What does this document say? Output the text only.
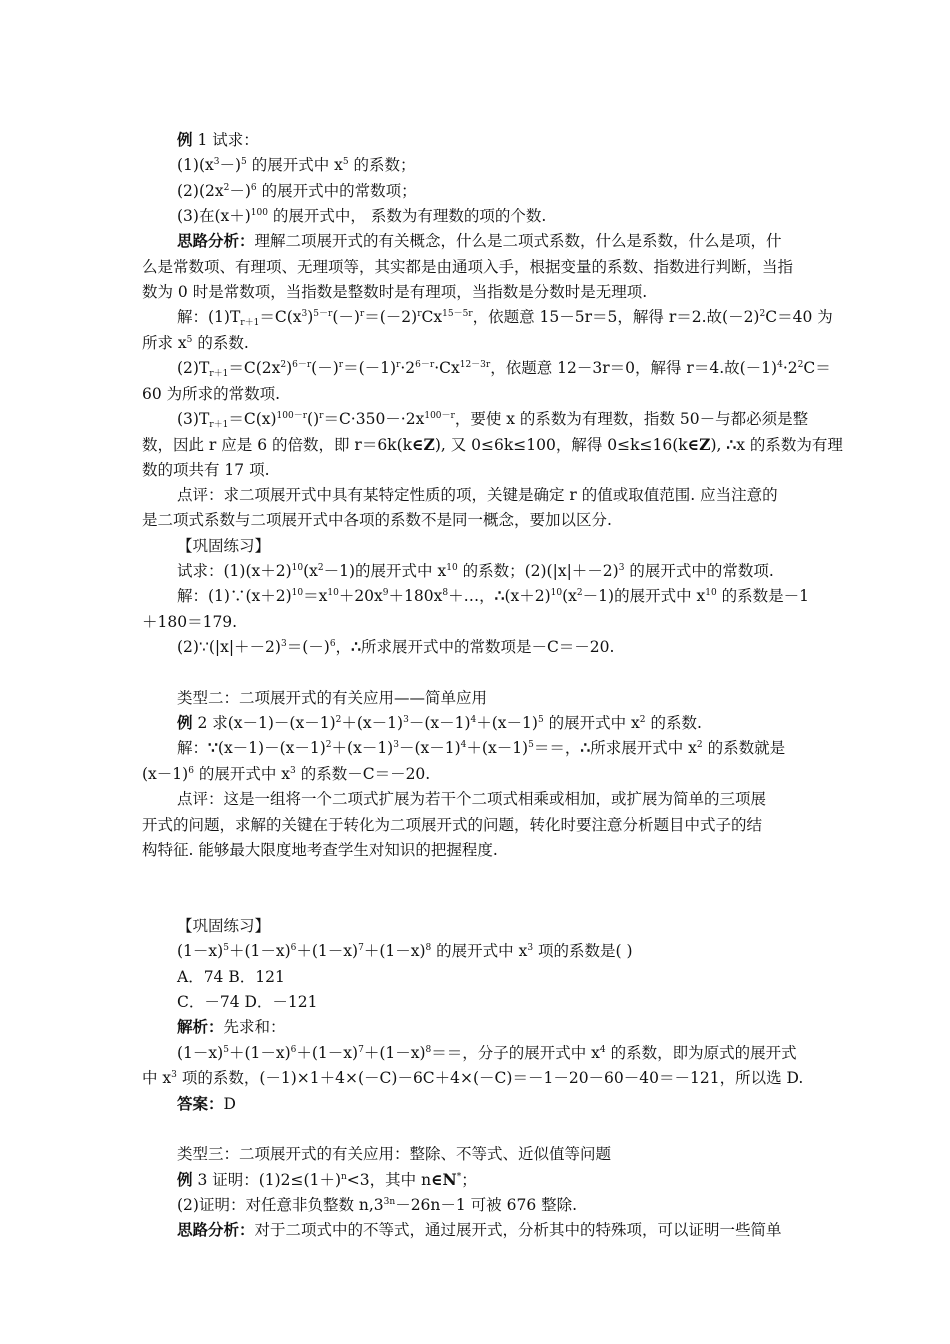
例 1 试求：

$(1)(x^3-)^5$ 的展开式中 $x^5$ 的系数；

$(2)(2x^2-)^6$ 的展开式中的常数项；

(3)在$(x+)^{100}$ 的展开式中， 系数为有理数的项的个数.

思路分析：理解二项展开式的有关概念，什么是二项式系数，什么是系数，什么是项，什

么是常数项、有理项、无理项等，其实都是由通项入手，根据变量的系数、指数进行判断，当指

数为 0 时是常数项，当指数是整数时是有理项，当指数是分数时是无理项.

解：$(1)T_{r+1}=C(x^3)^{5-r}(-)^r=(-2)^rCx^{15-5r}$，依题意 15－5r＝5，解得 r＝2.故$(-2)^2C=40$ 为

所求 $x^5$ 的系数.

$(2)T_{r+1}=C(2x^2)^{6-r}(-)^r=(-1)^r\cdot 2^{6-r}\cdot Cx^{12-3r}$，依题意 12－3r＝0，解得 r＝4.故$(-1)^4\cdot 2^2C=$

60 为所求的常数项.

$(3)T_{r+1}=C(x)^{100-r}()^r=C\cdot 350-\cdot 2x^{100-r}$，要使 x 的系数为有理数，指数 50－与都必须是整

数，因此 r 应是 6 的倍数，即 r＝6k(k∈Z), 又 0≤6k≤100，解得 0≤k≤16(k∈Z), ∴x 的系数为有理

数的项共有 17 项.

点评：求二项展开式中具有某特定性质的项，关键是确定 r 的值或取值范围. 应当注意的

是二项式系数与二项展开式中各项的系数不是同一概念，要加以区分.

【巩固练习】

试求：$(1)(x+2)^{10}(x^2-1)$的展开式中 $x^{10}$ 的系数；$(2)(|x|+-2)^3$ 的展开式中的常数项.

解：$(1)\because(x+2)^{10}=x^{10}+20x^9+180x^8+\dots$，$\therefore(x+2)^{10}(x^2-1)$的展开式中 $x^{10}$ 的系数是－1

＋180＝179.

$(2)\because(|x|+-2)^3=(-)^6$，∴所求展开式中的常数项是－C＝－20.

类型二：二项展开式的有关应用——简单应用

例 2 求$(x-1)-(x-1)^2+(x-1)^3-(x-1)^4+(x-1)^5$ 的展开式中 $x^2$ 的系数.

解：$\because(x-1)-(x-1)^2+(x-1)^3-(x-1)^4+(x-1)^5==$，∴所求展开式中 $x^2$ 的系数就是

$(x-1)^6$ 的展开式中 $x^3$ 的系数－C＝－20.

点评：这是一组将一个二项式扩展为若干个二项式相乘或相加，或扩展为简单的三项展

开式的问题，求解的关键在于转化为二项展开式的问题，转化时要注意分析题目中式子的结

构特征. 能够最大限度地考查学生对知识的把握程度.

【巩固练习】

$(1-x)^5+(1-x)^6+(1-x)^7+(1-x)^8$ 的展开式中 $x^3$ 项的系数是( )

A．74 B．121

C．－74 D．－121

解析：先求和：

$(1-x)^5+(1-x)^6+(1-x)^7+(1-x)^8==$，分子的展开式中 $x^4$ 的系数，即为原式的展开式

中 $x^3$ 项的系数，(－1)×1＋4×(－C)－6C＋4×(－C)＝－1－20－60－40＝－121，所以选 D.

答案：D

类型三：二项展开式的有关应用：整除、不等式、近似值等问题

例 3 证明：$(1)2\le(1+)^n<3$，其中 n∈N*；

(2)证明：对任意非负整数 $n,3^{3n}-26n-1$ 可被 676 整除.

思路分析：对于二项式中的不等式，通过展开式，分析其中的特殊项，可以证明一些简单
